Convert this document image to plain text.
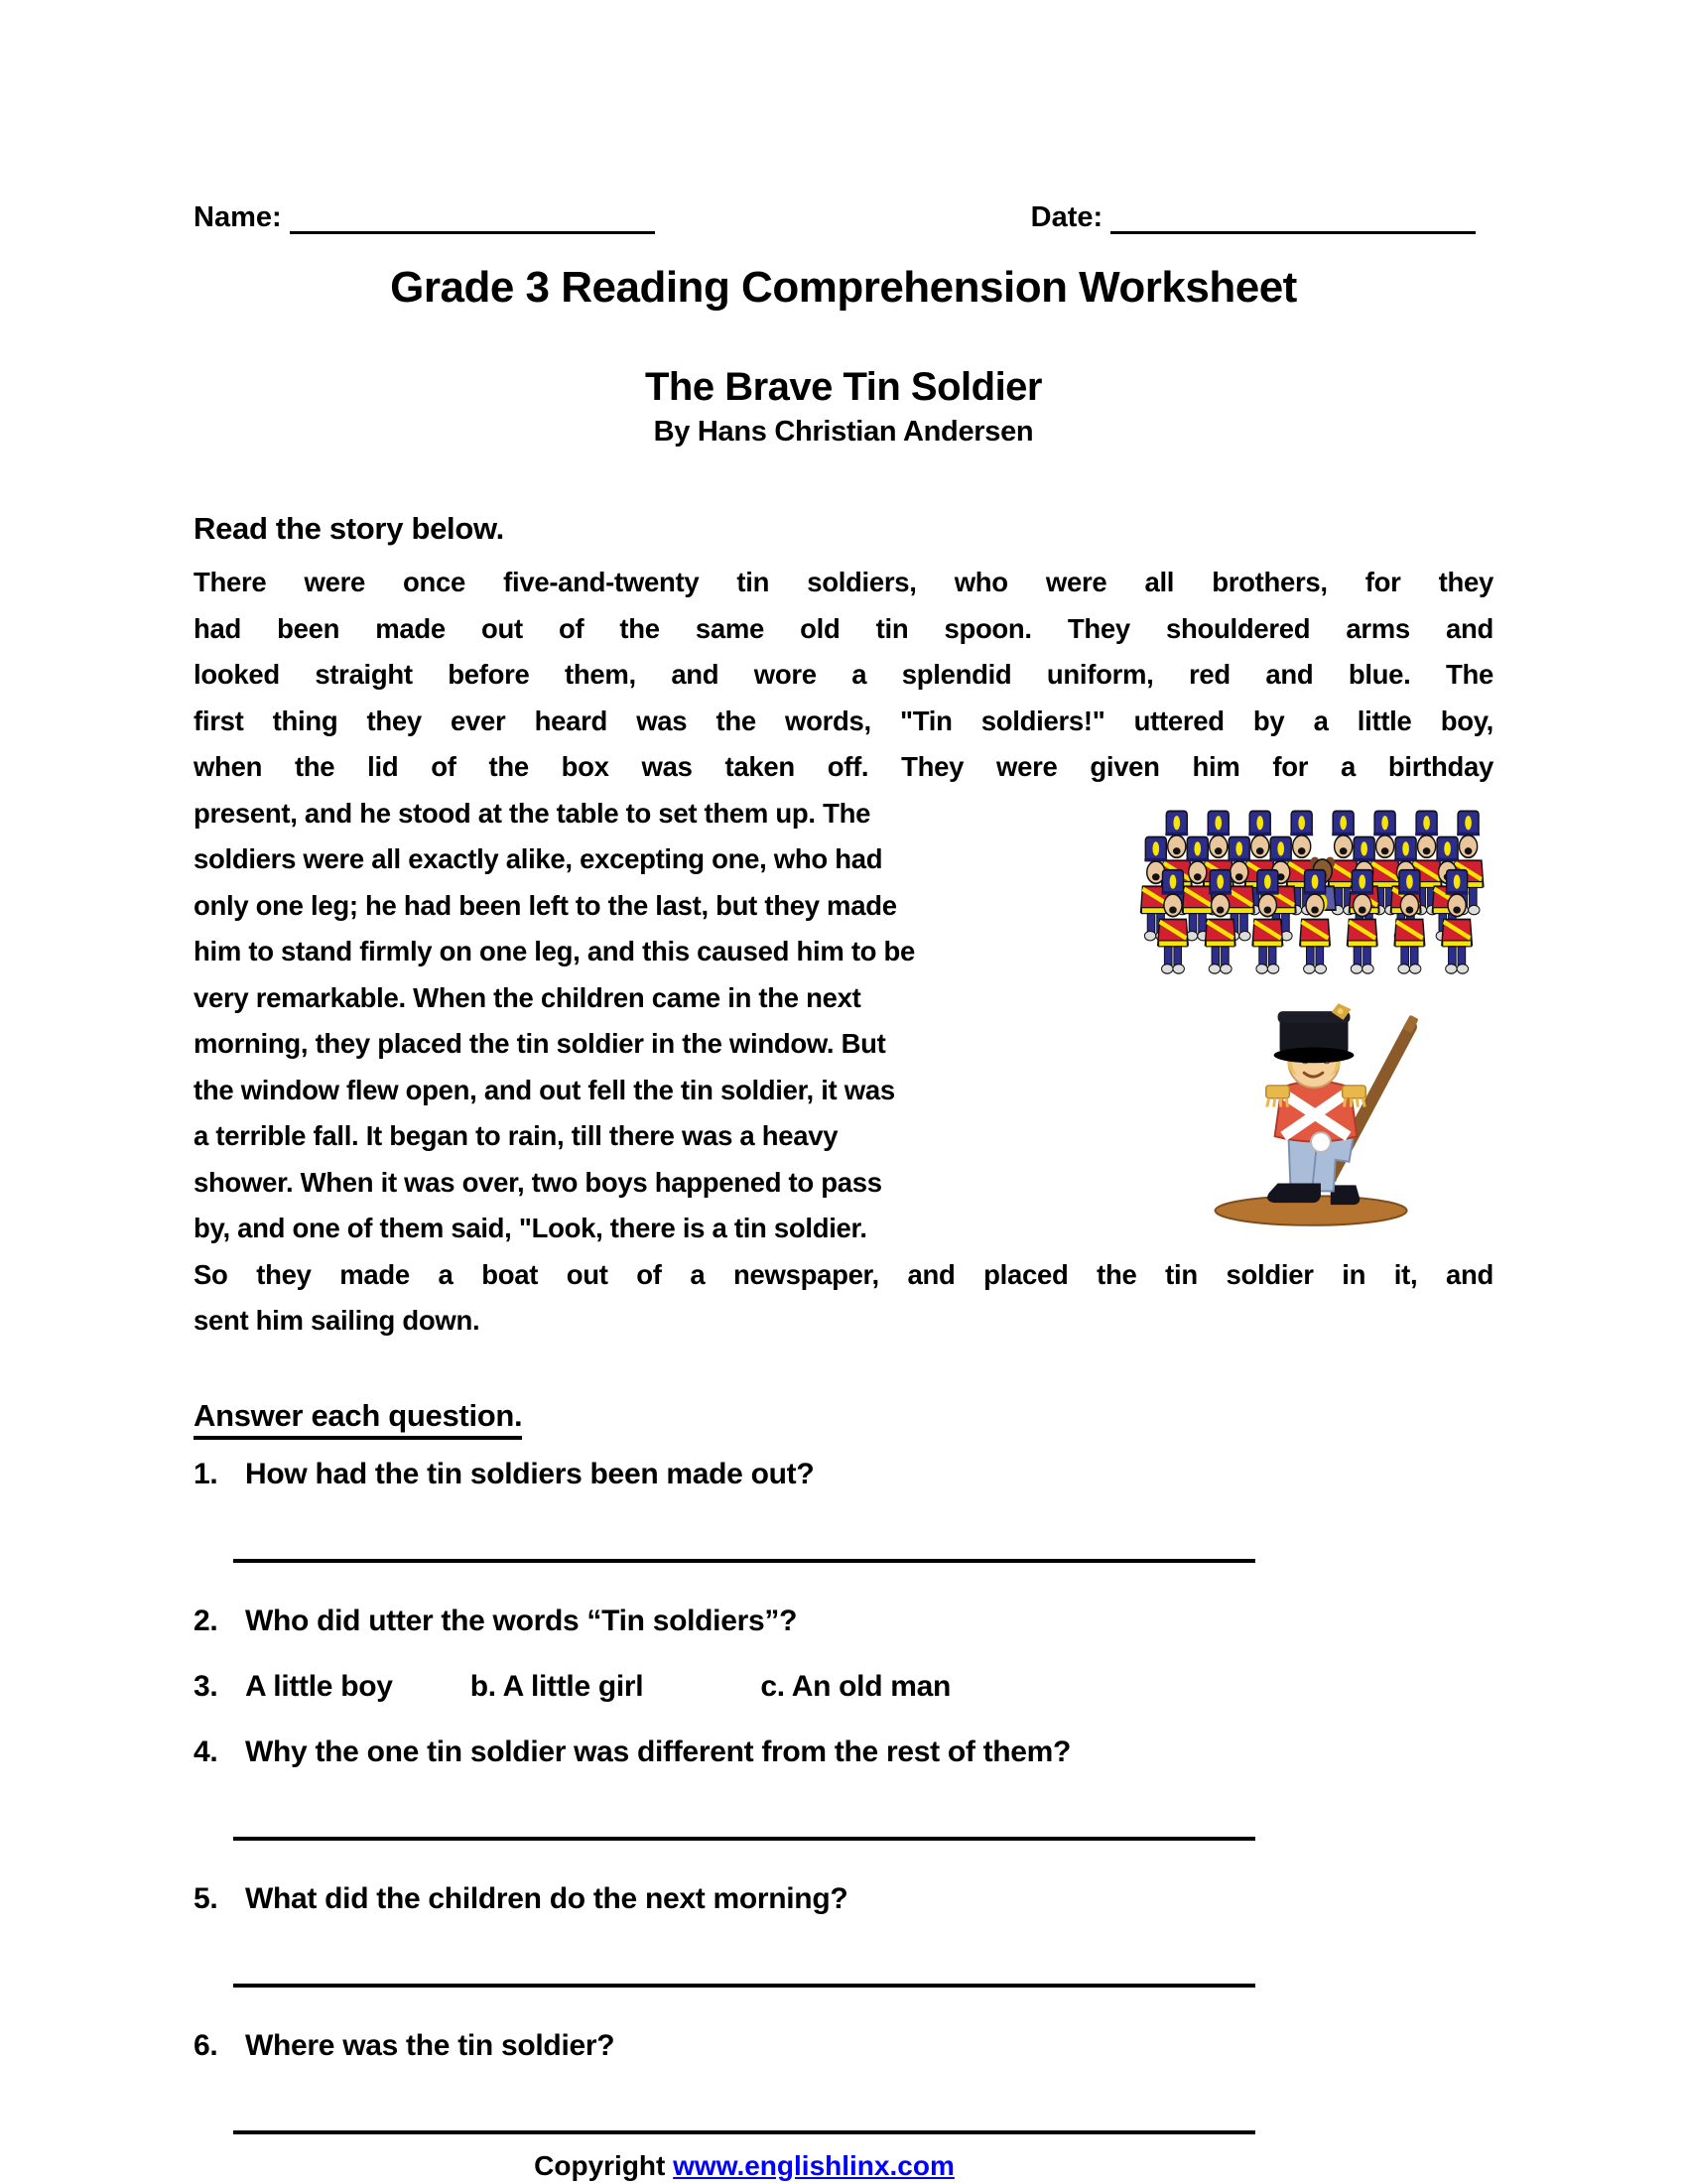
Name:	Date:
Grade 3 Reading Comprehension Worksheet
The Brave Tin Soldier
By Hans Christian Andersen
Read the story below.
There were once five-and-twenty tin soldiers, who were all brothers, for they
had been made out of the same old tin spoon. They shouldered arms and
looked straight before them, and wore a splendid uniform, red and blue. The
first thing they ever heard was the words, "Tin soldiers!" uttered by a little boy,
when the lid of the box was taken off. They were given him for a birthday
present, and he stood at the table to set them up. The
soldiers were all exactly alike, excepting one, who had
only one leg; he had been left to the last, but they made
him to stand firmly on one leg, and this caused him to be
very remarkable. When the children came in the next
morning, they placed the tin soldier in the window. But
the window flew open, and out fell the tin soldier, it was
a terrible fall. It began to rain, till there was a heavy
shower. When it was over, two boys happened to pass
by, and one of them said, "Look, there is a tin soldier.
So they made a boat out of a newspaper, and placed the tin soldier in it, and
sent him sailing down.
Answer each question.
1. How had the tin soldiers been made out?
2. Who did utter the words “Tin soldiers”?
3. A little boy	b. A little girl	c. An old man
4. Why the one tin soldier was different from the rest of them?
5. What did the children do the next morning?
6. Where was the tin soldier?
Copyright www.englishlinx.com
